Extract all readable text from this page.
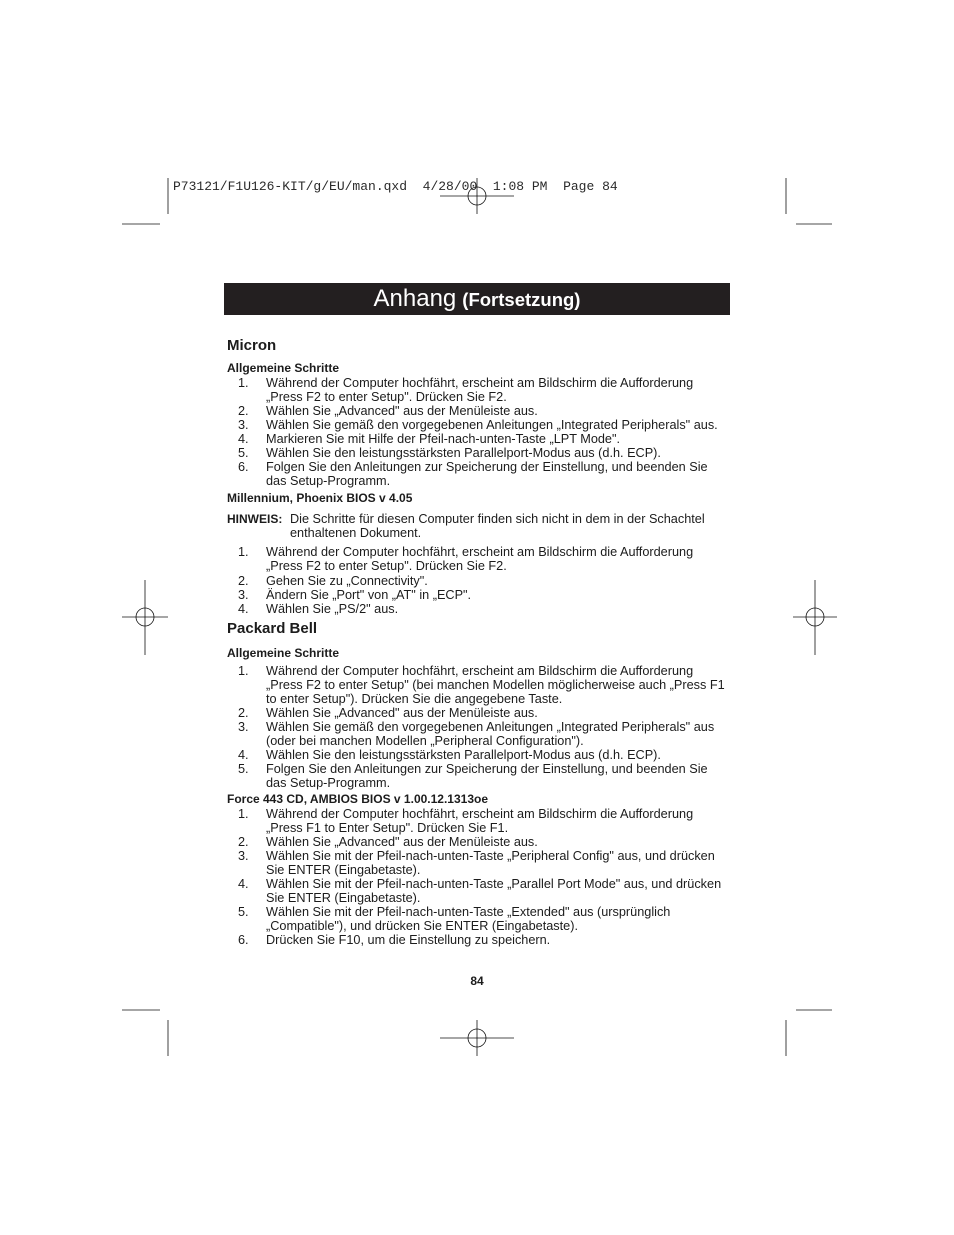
P73121/F1U126-KIT/g/EU/man.qxd  4/28/00  1:08 PM  Page 84
Anhang (Fortsetzung)
Micron
Allgemeine Schritte
1. Während der Computer hochfährt, erscheint am Bildschirm die Aufforderung
„Press F2 to enter Setup". Drücken Sie F2.
2. Wählen Sie „Advanced" aus der Menüleiste aus.
3. Wählen Sie gemäß den vorgegebenen Anleitungen „Integrated Peripherals" aus.
4. Markieren Sie mit Hilfe der Pfeil-nach-unten-Taste „LPT Mode".
5. Wählen Sie den leistungsstärksten Parallelport-Modus aus (d.h. ECP).
6. Folgen Sie den Anleitungen zur Speicherung der Einstellung, und beenden Sie
das Setup-Programm.
Millennium, Phoenix BIOS v 4.05
HINWEIS: Die Schritte für diesen Computer finden sich nicht in dem in der Schachtel
enthaltenen Dokument.
1. Während der Computer hochfährt, erscheint am Bildschirm die Aufforderung
„Press F2 to enter Setup". Drücken Sie F2.
2. Gehen Sie zu „Connectivity".
3. Ändern Sie „Port" von „AT" in „ECP".
4. Wählen Sie „PS/2" aus.
Packard Bell
Allgemeine Schritte
1. Während der Computer hochfährt, erscheint am Bildschirm die Aufforderung
„Press F2 to enter Setup" (bei manchen Modellen möglicherweise auch „Press F1
to enter Setup"). Drücken Sie die angegebene Taste.
2. Wählen Sie „Advanced" aus der Menüleiste aus.
3. Wählen Sie gemäß den vorgegebenen Anleitungen „Integrated Peripherals" aus
(oder bei manchen Modellen „Peripheral Configuration").
4. Wählen Sie den leistungsstärksten Parallelport-Modus aus (d.h. ECP).
5. Folgen Sie den Anleitungen zur Speicherung der Einstellung, und beenden Sie
das Setup-Programm.
Force 443 CD, AMBIOS BIOS v 1.00.12.1313oe
1. Während der Computer hochfährt, erscheint am Bildschirm die Aufforderung
„Press F1 to Enter Setup". Drücken Sie F1.
2. Wählen Sie „Advanced" aus der Menüleiste aus.
3. Wählen Sie mit der Pfeil-nach-unten-Taste „Peripheral Config" aus, und drücken
Sie ENTER (Eingabetaste).
4. Wählen Sie mit der Pfeil-nach-unten-Taste „Parallel Port Mode" aus, und drücken
Sie ENTER (Eingabetaste).
5. Wählen Sie mit der Pfeil-nach-unten-Taste „Extended" aus (ursprünglich
„Compatible"), und drücken Sie ENTER (Eingabetaste).
6. Drücken Sie F10, um die Einstellung zu speichern.
84
